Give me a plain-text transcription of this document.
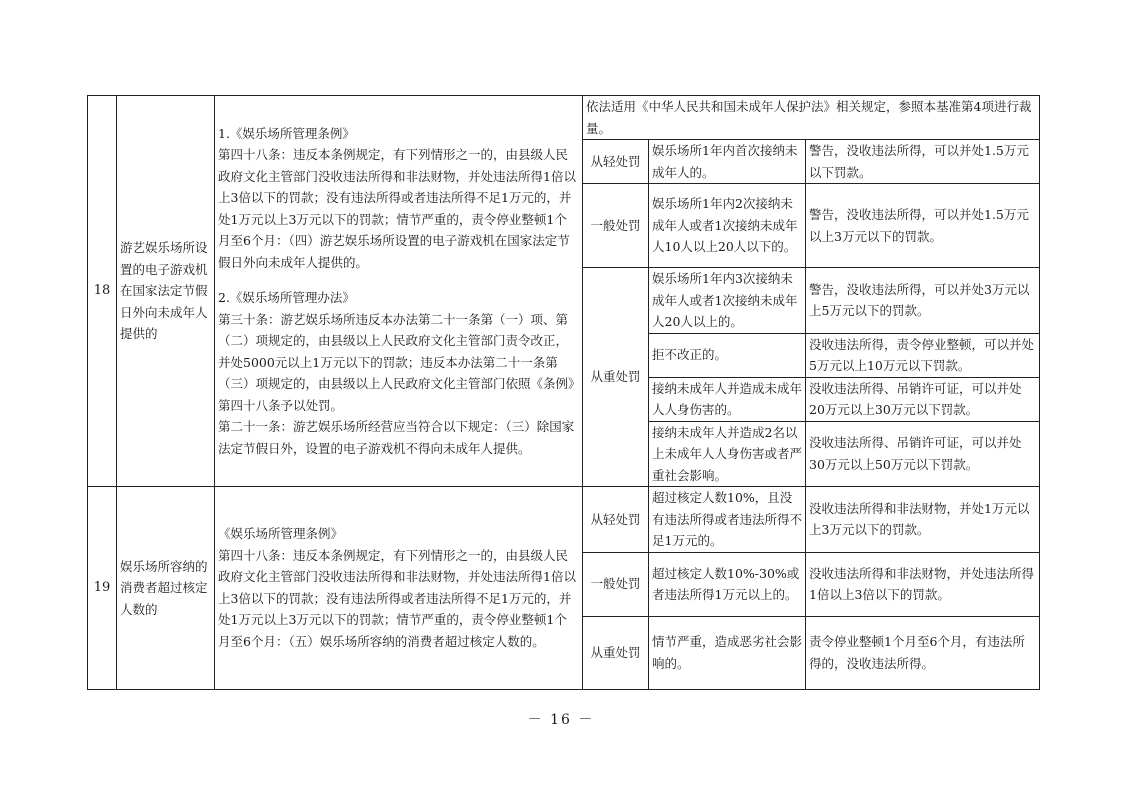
18	游艺娱乐场所设置的电子游戏机在国家法定节假日外向未成年人提供的	1.《娱乐场所管理条例》

第四十八条：违反本条例规定，有下列情形之一的，由县级人民政府文化主管部门没收违法所得和非法财物，并处违法所得1倍以上3倍以下的罚款；没有违法所得或者违法所得不足1万元的，并处1万元以上3万元以下的罚款；情节严重的，责令停业整顿1个月至6个月：（四）游艺娱乐场所设置的电子游戏机在国家法定节假日外向未成年人提供的。

2.《娱乐场所管理办法》

第三十条：游艺娱乐场所违反本办法第二十一条第（一）项、第（二）项规定的，由县级以上人民政府文化主管部门责令改正，并处5000元以上1万元以下的罚款；违反本办法第二十一条第（三）项规定的，由县级以上人民政府文化主管部门依照《条例》第四十八条予以处罚。

第二十一条：游艺娱乐场所经营应当符合以下规定：（三）除国家法定节假日外，设置的电子游戏机不得向未成年人提供。	依法适用《中华人民共和国未成年人保护法》相关规定，参照本基准第4项进行裁量。		
			从轻处罚	娱乐场所1年内首次接纳未成年人的。	警告，没收违法所得，可以并处1.5万元以下罚款。
			一般处罚	娱乐场所1年内2次接纳未成年人或者1次接纳未成年人10人以上20人以下的。	警告，没收违法所得，可以并处1.5万元以上3万元以下的罚款。
			从重处罚	娱乐场所1年内3次接纳未成年人或者1次接纳未成年人20人以上的。	警告，没收违法所得，可以并处3万元以上5万元以下的罚款。
				拒不改正的。	没收违法所得，责令停业整顿，可以并处5万元以上10万元以下罚款。
				接纳未成年人并造成未成年人人身伤害的。	没收违法所得、吊销许可证，可以并处20万元以上30万元以下罚款。
				接纳未成年人并造成2名以上未成年人人身伤害或者严重社会影响。	没收违法所得、吊销许可证，可以并处30万元以上50万元以下罚款。
19	娱乐场所容纳的消费者超过核定人数的	《娱乐场所管理条例》

第四十八条：违反本条例规定，有下列情形之一的，由县级人民政府文化主管部门没收违法所得和非法财物，并处违法所得1倍以上3倍以下的罚款；没有违法所得或者违法所得不足1万元的，并处1万元以上3万元以下的罚款；情节严重的，责令停业整顿1个月至6个月：（五）娱乐场所容纳的消费者超过核定人数的。	从轻处罚	超过核定人数10%，且没有违法所得或者违法所得不足1万元的。	没收违法所得和非法财物，并处1万元以上3万元以下的罚款。
			一般处罚	超过核定人数10%-30%或者违法所得1万元以上的。	没收违法所得和非法财物，并处违法所得1倍以上3倍以下的罚款。
			从重处罚	情节严重，造成恶劣社会影响的。	责令停业整顿1个月至6个月，有违法所得的，没收违法所得。
－ 16 －
